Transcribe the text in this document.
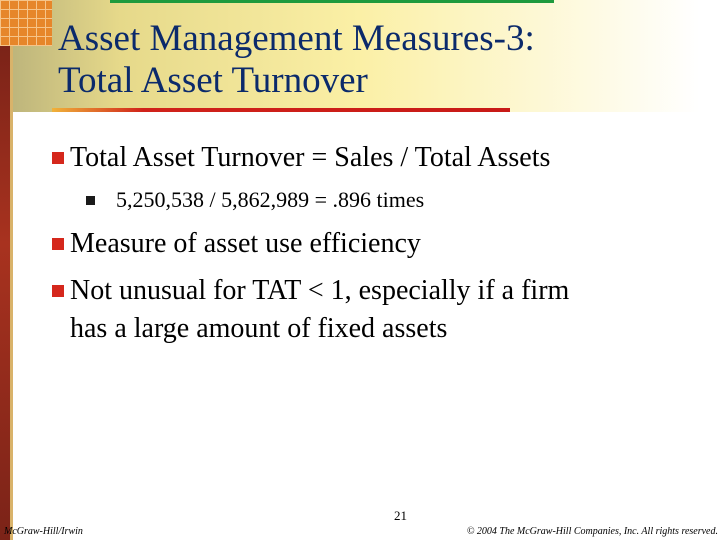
Asset Management Measures-3:
Total Asset Turnover
Total Asset Turnover = Sales / Total Assets
5,250,538 / 5,862,989 = .896 times
Measure of asset use efficiency
Not unusual for TAT < 1, especially if a firm
has a large amount of fixed assets
21
McGraw-Hill/Irwin	© 2004 The McGraw-Hill Companies, Inc. All rights reserved.
